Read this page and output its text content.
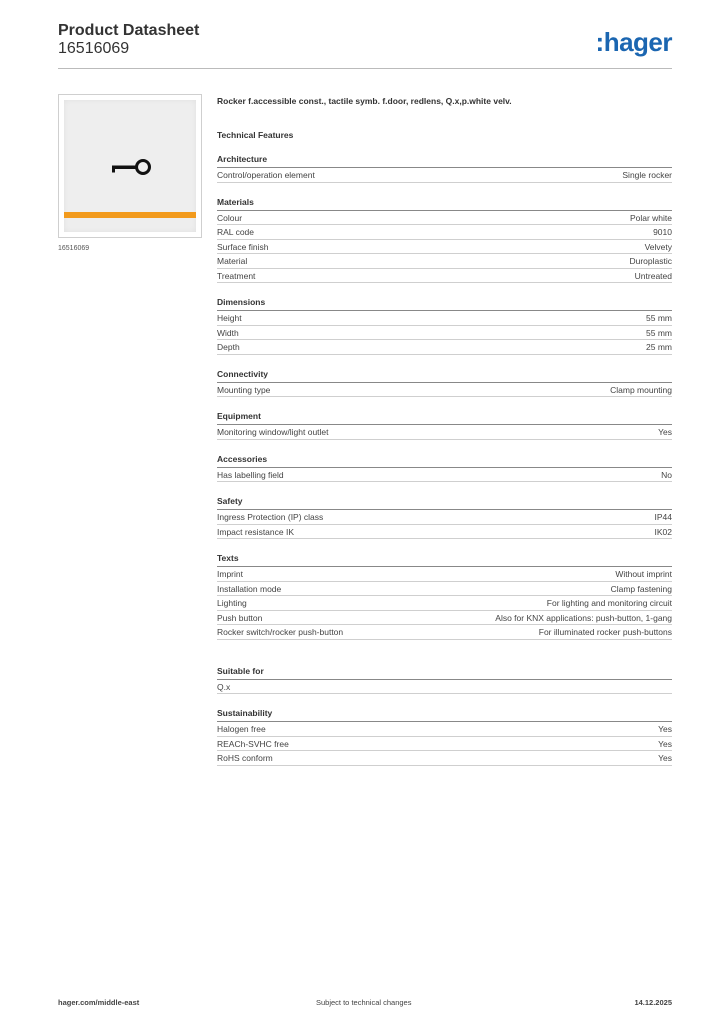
Product Datasheet
16516069	:hager
16516069
Rocker f.accessible const., tactile symb. f.door, redlens, Q.x,p.white velv.
Technical Features
Architecture
Control/operation element	Single rocker
Materials
Colour	Polar white
RAL code	9010
Surface finish	Velvety
Material	Duroplastic
Treatment	Untreated
Dimensions
Height	55 mm
Width	55 mm
Depth	25 mm
Connectivity
Mounting type	Clamp mounting
Equipment
Monitoring window/light outlet	Yes
Accessories
Has labelling field	No
Safety
Ingress Protection (IP) class	IP44
Impact resistance IK	IK02
Texts
Imprint	Without imprint
Installation mode	Clamp fastening
Lighting	For lighting and monitoring circuit
Push button	Also for KNX applications: push-button, 1-gang
Rocker switch/rocker push-button	For illuminated rocker push-buttons
Suitable for
Q.x
Sustainability
Halogen free	Yes
REACh-SVHC free	Yes
RoHS conform	Yes
hager.com/middle-east	Subject to technical changes	14.12.2025
